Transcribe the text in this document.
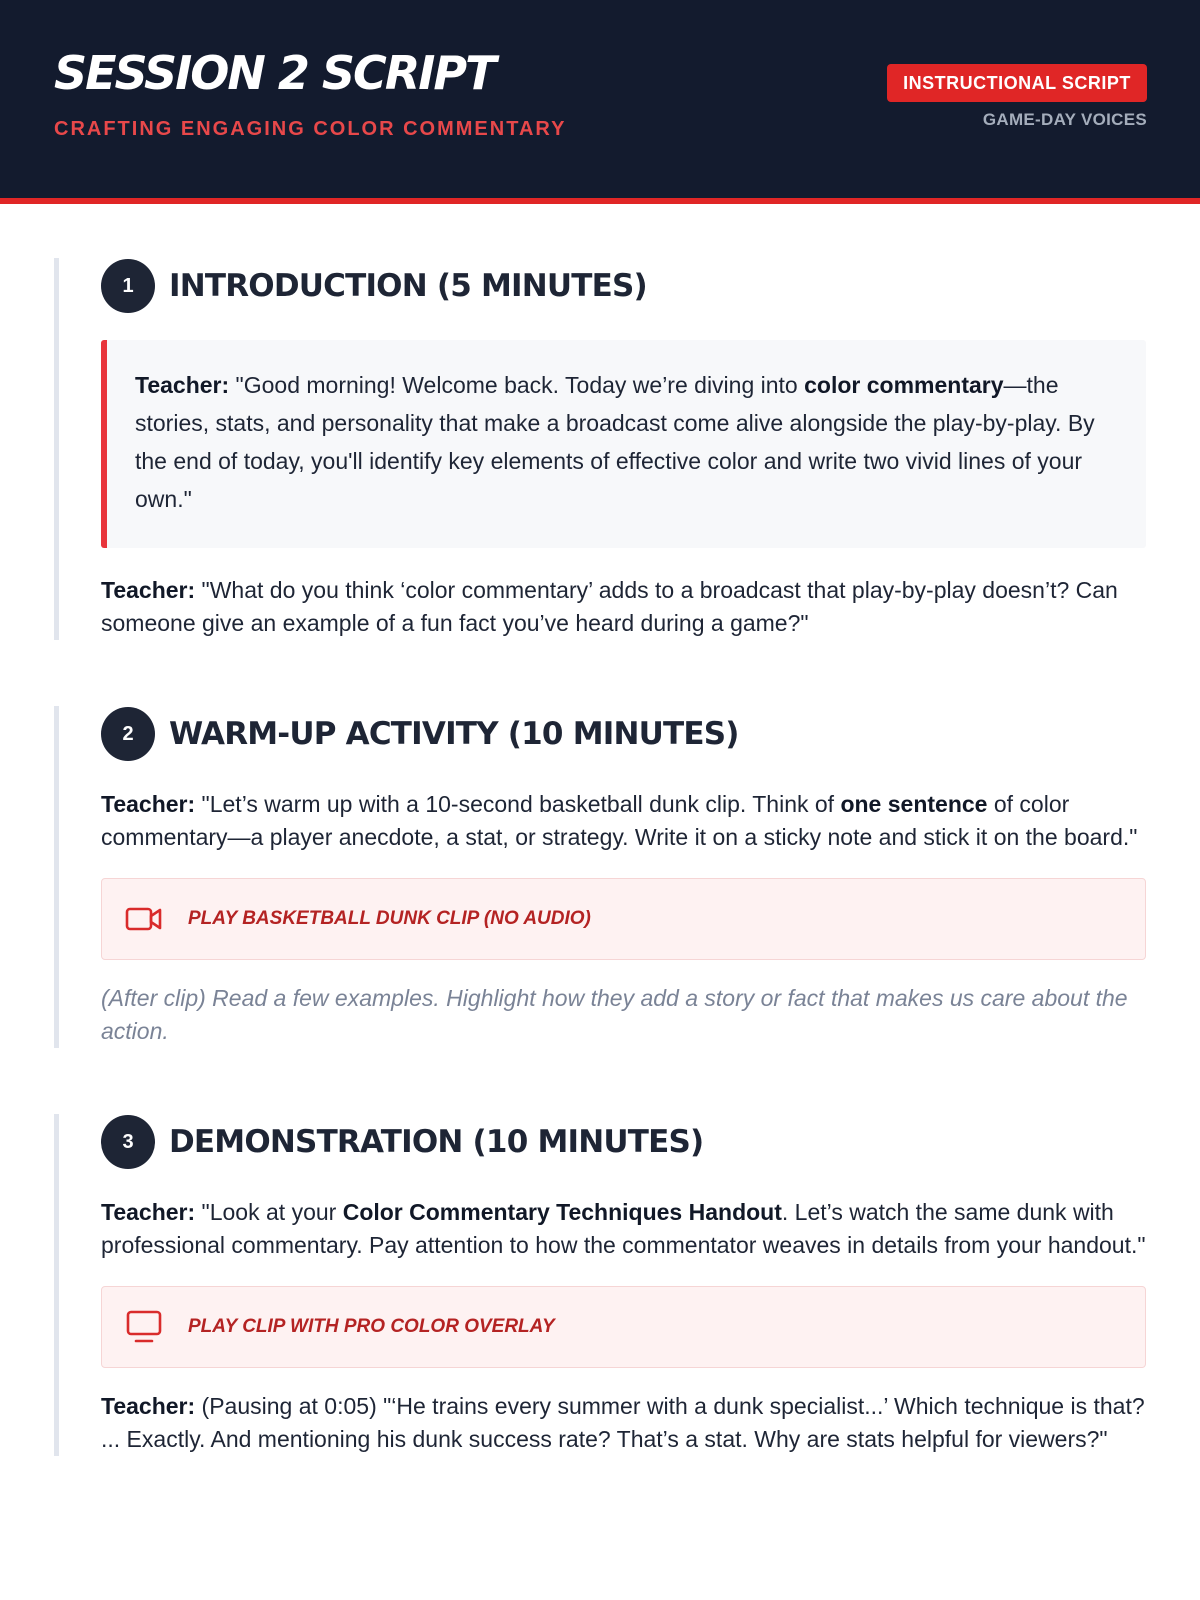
SESSION 2 SCRIPT
CRAFTING ENGAGING COLOR COMMENTARY
INSTRUCTIONAL SCRIPT
GAME-DAY VOICES
1	INTRODUCTION (5 MINUTES)

Teacher: "Good morning! Welcome back. Today we’re diving into color commentary—the stories, stats, and personality that make a broadcast come alive alongside the play-by-play. By the end of today, you'll identify key elements of effective color and write two vivid lines of your own."

Teacher: "What do you think ‘color commentary’ adds to a broadcast that play-by-play doesn’t? Can someone give an example of a fun fact you’ve heard during a game?"

2	WARM-UP ACTIVITY (10 MINUTES)

Teacher: "Let’s warm up with a 10-second basketball dunk clip. Think of one sentence of color commentary—a player anecdote, a stat, or strategy. Write it on a sticky note and stick it on the board."

PLAY BASKETBALL DUNK CLIP (NO AUDIO)

(After clip) Read a few examples. Highlight how they add a story or fact that makes us care about the action.

3	DEMONSTRATION (10 MINUTES)

Teacher: "Look at your Color Commentary Techniques Handout. Let’s watch the same dunk with professional commentary. Pay attention to how the commentator weaves in details from your handout."

PLAY CLIP WITH PRO COLOR OVERLAY

Teacher: (Pausing at 0:05) "‘He trains every summer with a dunk specialist...’ Which technique is that? ... Exactly. And mentioning his dunk success rate? That’s a stat. Why are stats helpful for viewers?"
